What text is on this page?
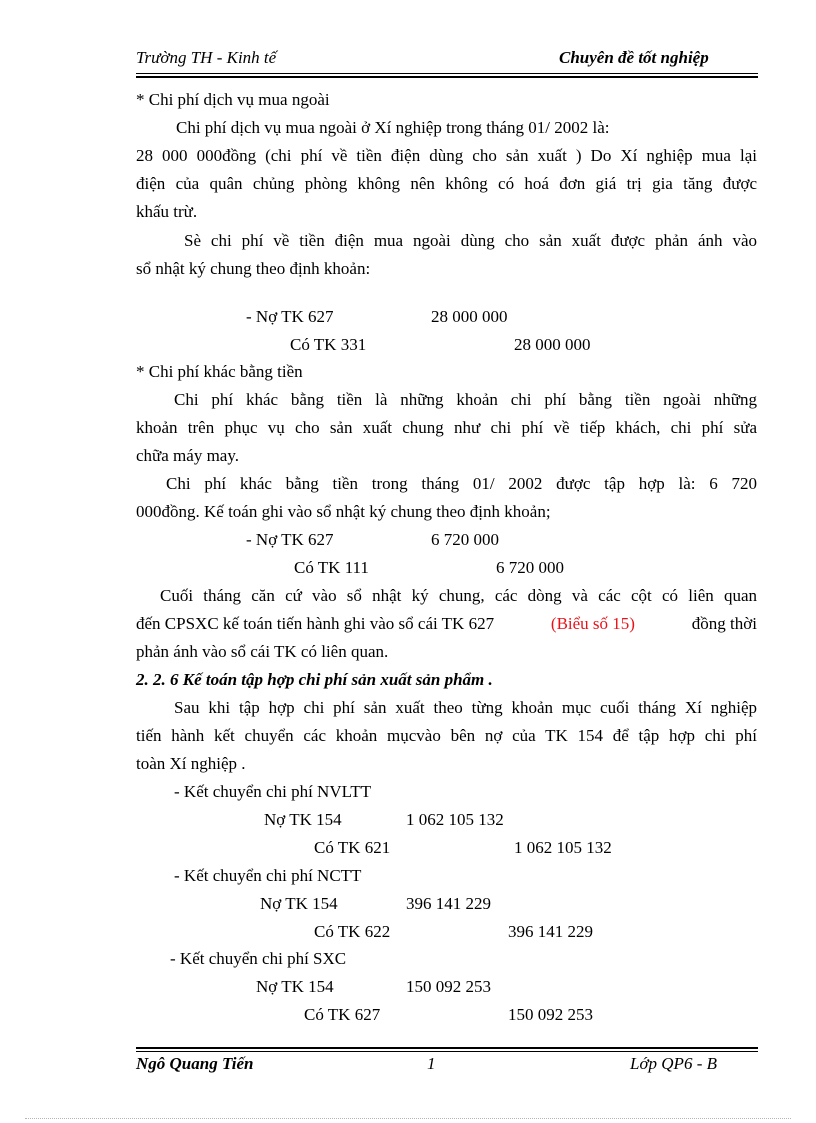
Trường TH - Kinh tế	Chuyên đề tốt nghiệp
* Chi phí dịch vụ mua ngoài
Chi phí dịch vụ mua ngoài ở Xí nghiệp trong tháng 01/ 2002 là:
28 000 000đồng (chi phí về tiền điện dùng cho sản xuất ) Do Xí nghiệp mua lại
điện của quân chủng phòng không nên không có hoá đơn giá trị gia tăng được
khấu trừ.
Sè chi phí về tiền điện mua ngoài dùng cho sản xuất được phản ánh vào
sổ nhật ký chung theo định khoản:
- Nợ TK 627	28 000 000
Có TK 331	28 000 000
* Chi phí khác bằng tiền
Chi phí khác bằng tiền là những khoản chi phí bằng tiền ngoài những
khoản trên phục vụ cho sản xuất chung như chi phí về tiếp khách, chi phí sửa
chữa máy may.
Chi phí khác bằng tiền trong tháng 01/ 2002 được tập hợp là: 6 720
000đồng. Kế toán ghi vào sổ nhật ký chung theo định khoản;
- Nợ TK 627	6 720 000
Có TK 111	6 720 000
Cuối tháng căn cứ vào sổ nhật ký chung, các dòng và các cột có liên quan
đến CPSXC kế toán tiến hành ghi vào sổ cái TK 627	(Biểu số 15)	đồng thời
phản ánh vào sổ cái TK có liên quan.
2. 2. 6 Kế toán tập hợp chi phí sản xuất sản phẩm .
Sau khi tập hợp chi phí sản xuất theo từng khoản mục cuối tháng Xí nghiệp
tiến hành kết chuyển các khoản mụcvào bên nợ của TK 154 để tập hợp chi phí
toàn Xí nghiệp .
- Kết chuyển chi phí NVLTT
Nợ TK 154	1 062 105 132
Có TK 621	1 062 105 132
- Kết chuyển chi phí NCTT
Nợ TK 154	396 141 229
Có TK 622	396 141 229
- Kết chuyển chi phí SXC
Nợ TK 154	150 092 253
Có TK 627	150 092 253
Ngô Quang Tiến	1	Lớp QP6 - B
